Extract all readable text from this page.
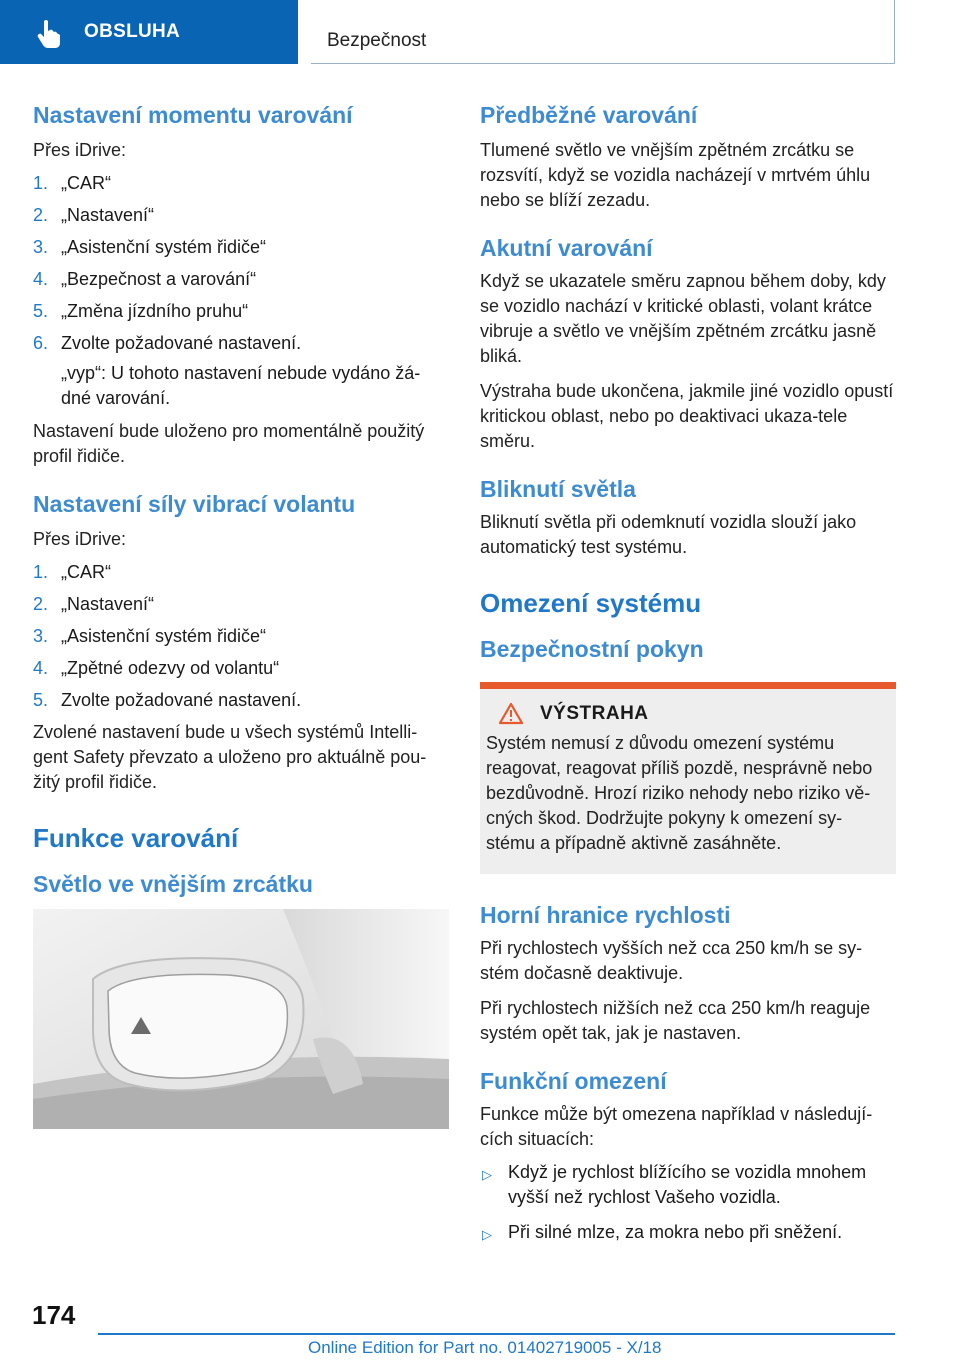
OBSLUHA	Bezpečnost
Nastavení momentu varování

Přes iDrive:

1. „CAR“
2. „Nastavení“
3. „Asistenční systém řidiče“
4. „Bezpečnost a varování“
5. „Změna jízdního pruhu“
6. Zvolte požadované nastavení.
„vyp“: U tohoto nastavení nebude vydáno žá-dné varování.

Nastavení bude uloženo pro momentálně použitý profil řidiče.

Nastavení síly vibrací volantu

Přes iDrive:

1. „CAR“
2. „Nastavení“
3. „Asistenční systém řidiče“
4. „Zpětné odezvy od volantu“
5. Zvolte požadované nastavení.

Zvolené nastavení bude u všech systémů Intelli-gent Safety převzato a uloženo pro aktuálně pou-žitý profil řidiče.

Funkce varování
Světlo ve vnějším zrcátku
Předběžné varování

Tlumené světlo ve vnějším zpětném zrcátku se rozsvítí, když se vozidla nacházejí v mrtvém úhlu nebo se blíží zezadu.

Akutní varování

Když se ukazatele směru zapnou během doby, kdy se vozidlo nachází v kritické oblasti, volant krátce vibruje a světlo ve vnějším zpětném zrcátku jasně bliká.

Výstraha bude ukončena, jakmile jiné vozidlo opustí kritickou oblast, nebo po deaktivaci ukaza-tele směru.

Bliknutí světla

Bliknutí světla při odemknutí vozidla slouží jako automatický test systému.

Omezení systému
Bezpečnostní pokyn
VÝSTRAHA

Systém nemusí z důvodu omezení systému reagovat, reagovat příliš pozdě, nesprávně nebo bezdůvodně. Hrozí riziko nehody nebo riziko vě-cných škod. Dodržujte pokyny k omezení sy-stému a případně aktivně zasáhněte.

Horní hranice rychlosti

Při rychlostech vyšších než cca 250 km/h se sy-stém dočasně deaktivuje.

Při rychlostech nižších než cca 250 km/h reaguje systém opět tak, jak je nastaven.

Funkční omezení

Funkce může být omezena například v následují-cích situacích:

▷ Když je rychlost blížícího se vozidla mnohem vyšší než rychlost Vašeho vozidla.
▷ Při silné mlze, za mokra nebo při sněžení.
174
Online Edition for Part no. 01402719005 - X/18
